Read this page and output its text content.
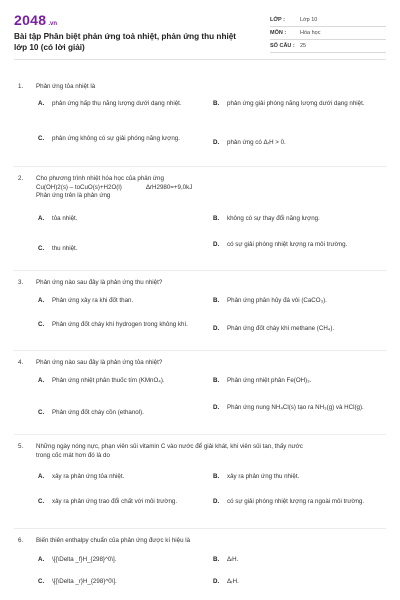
2048 .vn
Bài tập Phân biệt phản ứng toả nhiệt, phản ứng thu nhiệt lớp 10 (có lời giải)
LỚP :	Lớp 10
MÔN :	Hóa học
SỐ CÂU : 25
1.	Phản ứng tỏa nhiệt là
A.	phản ứng hấp thụ năng lượng dưới dạng nhiệt.	B.	phản ứng giải phóng năng lượng dưới dạng nhiệt.
C.	phản ứng không có sự giải phóng năng lượng.
D.	phản ứng có ΔᵣH > 0.
2.	Cho phương trình nhiệt hóa học của phản ứng
Cu(OH)2(s) – toCuO(s)+H2O(l)              ΔrH2980=+9,0kJ
Phản ứng trên là phản ứng
A.	tỏa nhiệt.	B.	không có sự thay đổi năng lượng.
C.	thu nhiệt.
D.	có sự giải phóng nhiệt lượng ra môi trường.
3.	Phản ứng nào sau đây là phản ứng thu nhiệt?
A.	Phản ứng xảy ra khi đốt than.	B.	Phản ứng phân hủy đá vôi (CaCO₃).
C.	Phản ứng đốt cháy khí hydrogen trong không khí.
D.	Phản ứng đốt cháy khí methane (CH₄).
4.	Phản ứng nào sau đây là phản ứng tỏa nhiệt?
A.	Phản ứng nhiệt phân thuốc tím (KMnO₄).	B.	Phản ứng nhiệt phân Fe(OH)₃.
C.	Phản ứng đốt cháy cồn (ethanol).
D.	Phản ứng nung NH₄Cl(s) tạo ra NH₃(g) và HCl(g).
5.	Những ngày nóng nực, phạn viên sủi vitamin C vào nước để giải khát, khi viên sủi tan, thấy nước
trong cốc mát hơn đó là do
A.	xảy ra phản ứng tỏa nhiệt.	B.	xảy ra phản ứng thu nhiệt.
C.	xảy ra phản ứng trao đổi chất với môi trường.	D.	có sự giải phóng nhiệt lượng ra ngoài môi trường.
6.	Biến thiên enthalpy chuẩn của phản ứng được kí hiệu là
A.	\[{\Delta _f}H_{298}^0\].	B.	ΔₗH.
C.	\[{\Delta _r}H_{298}^0\].	D.	ΔᵣH.
